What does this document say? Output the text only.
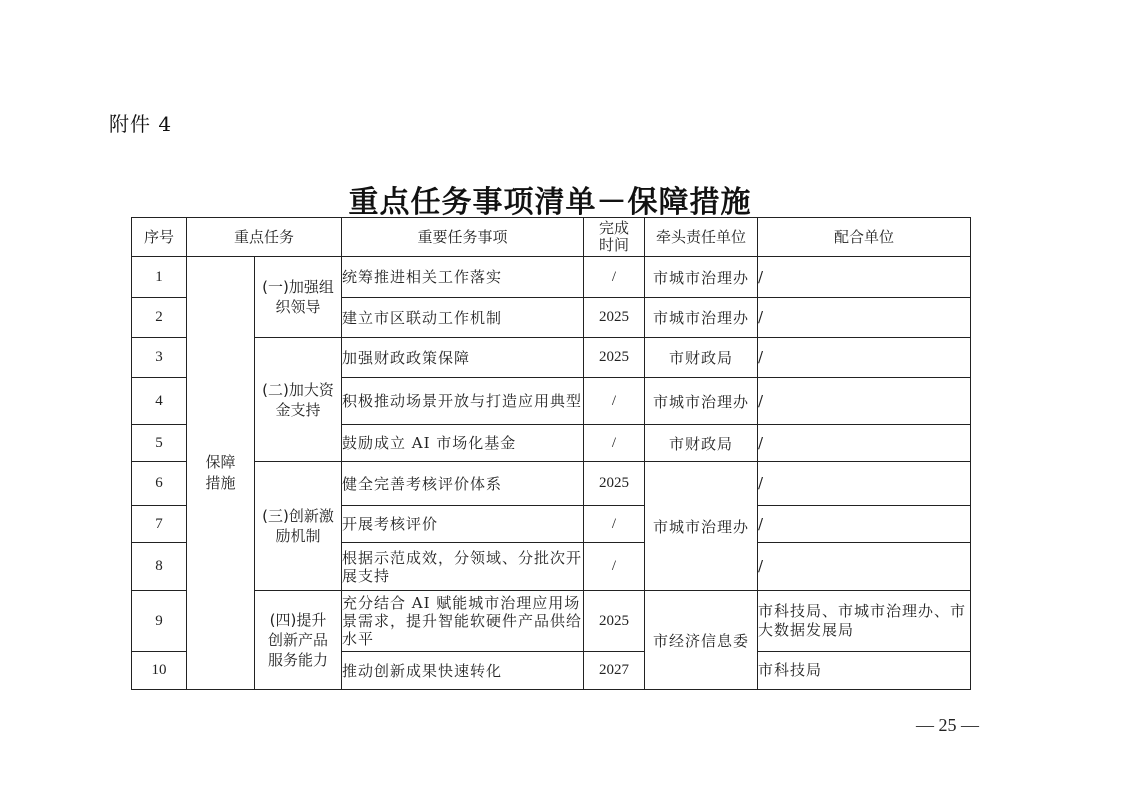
附件 4
重点任务事项清单－保障措施
序号	重点任务		重要任务事项	完成时间	牵头责任单位	配合单位
1	保障措施	(一)加强组织领导	统筹推进相关工作落实	/	市城市治理办	/
2			建立市区联动工作机制	2025	市城市治理办	/
3		(二)加大资金支持	加强财政政策保障	2025	市财政局	/
4			积极推动场景开放与打造应用典型	/	市城市治理办	/
5			鼓励成立 AI 市场化基金	/	市财政局	/
6		(三)创新激励机制	健全完善考核评价体系	2025	市城市治理办	/
7			开展考核评价	/		/
8			根据示范成效，分领域、分批次开展支持	/		/
9		(四)提升创新产品服务能力	充分结合 AI 赋能城市治理应用场景需求，提升智能软硬件产品供给水平	2025	市经济信息委	市科技局、市城市治理办、市大数据发展局
10			推动创新成果快速转化	2027		市科技局
— 25 —
